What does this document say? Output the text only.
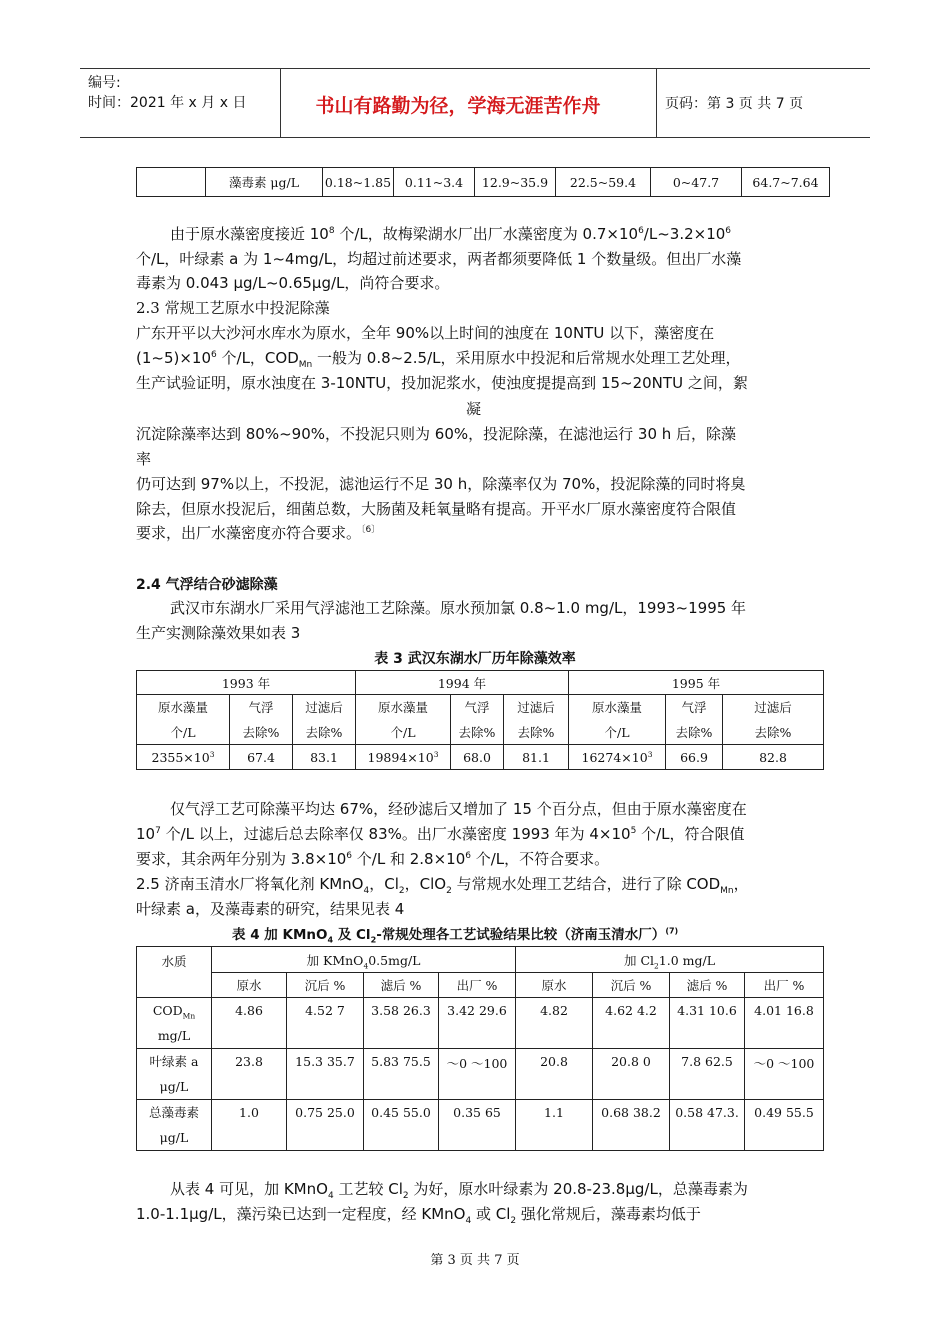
编号:
时间：2021 年 x 月 x 日	书山有路勤为径，学海无涯苦作舟	页码：第 3 页 共 7 页
	藻毒素 μg/L	0.18~1.85	0.11~3.4	12.9~35.9	22.5~59.4	0~47.7	64.7~7.64
由于原水藻密度接近 $10^8$ 个/L，故梅梁湖水厂出厂水藻密度为 $0.7\times 10^6/L\sim 3.2\times 10^6$
个/L，叶绿素 a 为 1~4mg/L，均超过前述要求，两者都须要降低 1 个数量级。但出厂水藻
毒素为 0.043 μg/L~0.65μg/L，尚符合要求。
2.3 常规工艺原水中投泥除藻
广东开平以大沙河水库水为原水，全年 90%以上时间的浊度在 10NTU 以下，藻密度在
$(1\sim 5)\times 10^6$ 个/L，$COD_{Mn}$ 一般为 0.8~2.5/L，采用原水中投泥和后常规水处理工艺处理，
生产试验证明，原水浊度在 3-10NTU，投加泥浆水，使浊度提提高到 15~20NTU 之间，絮
凝
沉淀除藻率达到 80%~90%，不投泥只则为 60%，投泥除藻，在滤池运行 30 h 后，除藻
率
仍可达到 97%以上，不投泥，滤池运行不足 30 h，除藻率仅为 70%，投泥除藻的同时将臭
除去，但原水投泥后，细菌总数，大肠菌及耗氧量略有提高。开平水厂原水藻密度符合限值
要求，出厂水藻密度亦符合要求。$^{〔6〕}$
2.4 气浮结合砂滤除藻
武汉市东湖水厂采用气浮滤池工艺除藻。原水预加氯 0.8~1.0 mg/L，1993~1995 年
生产实测除藻效果如表 3
表 3 武汉东湖水厂历年除藻效率
1993 年			1994 年			1995 年		
原水藻量	气浮	过滤后	原水藻量	气浮	过滤后	原水藻量	气浮	过滤后
个/L	去除%	去除%	个/L	去除%	去除%	个/L	去除%	去除%
$2355\times 10^3$	67.4	83.1	$19894\times 10^3$	68.0	81.1	$16274\times 10^3$	66.9	82.8
仅气浮工艺可除藻平均达 67%，经砂滤后又增加了 15 个百分点，但由于原水藻密度在
$10^7$ 个/L 以上，过滤后总去除率仅 83%。出厂水藻密度 1993 年为 $4\times 10^5$ 个/L，符合限值
要求，其余两年分别为 $3.8\times 10^6$ 个/L 和 $2.8\times 10^6$ 个/L，不符合要求。
2.5 济南玉清水厂将氧化剂 KMnO$_4$，$Cl_2$，ClO$_2$ 与常规水处理工艺结合，进行了除 $COD_{Mn}$，
叶绿素 a，及藻毒素的研究，结果见表 4
表 4 加 KMnO$_4$ 及 $Cl_2-$常规处理各工艺试验结果比较（济南玉清水厂）$^{(7)}$
水质	加 KMnO$_4$0.5mg/L				加 $Cl_21.0$ mg/L			
	原水	沉后 %	滤后 %	出厂 %	原水	沉后 %	滤后 %	出厂 %
$COD_{Mn}$
mg/L	4.86	4.52 7	3.58 26.3	3.42 29.6	4.82	4.62 4.2	4.31 10.6	4.01 16.8
叶绿素 a
μg/L	23.8	15.3 35.7	5.83 75.5	～0 ～100	20.8	20.8 0	7.8 62.5	～0 ～100
总藻毒素
μg/L	1.0	0.75 25.0	0.45 55.0	0.35 65	1.1	0.68 38.2	0.58 47.3.	0.49 55.5
从表 4 可见，加 KMnO$_4$ 工艺较 $Cl_2$ 为好，原水叶绿素为 20.8-23.8μg/L，总藻毒素为
1.0-1.1μg/L，藻污染已达到一定程度，经 KMnO$_4$ 或 $Cl_2$ 强化常规后，藻毒素均低于
第 3 页 共 7 页
